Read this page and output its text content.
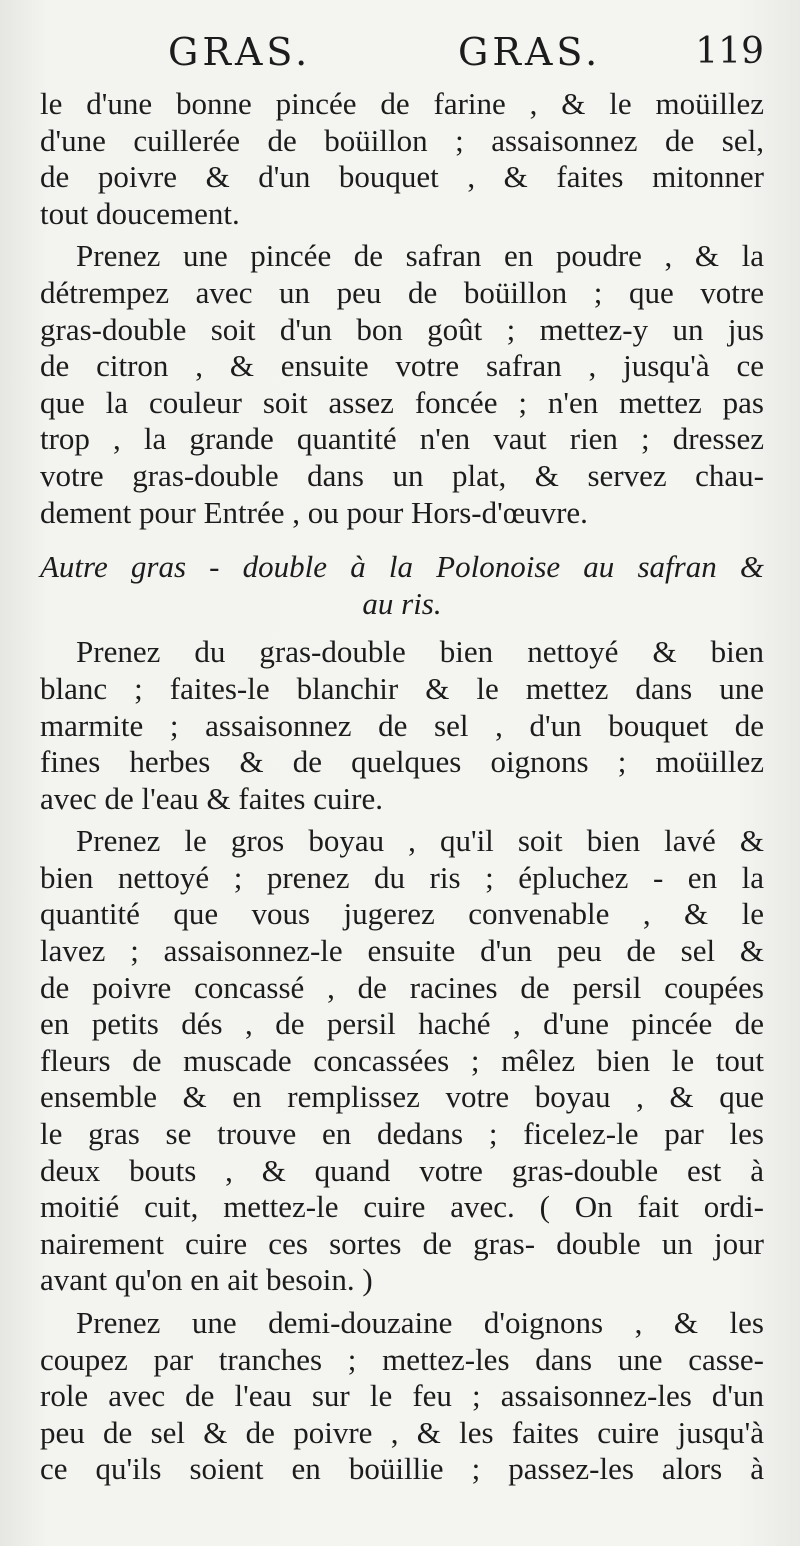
GRAS.	GRAS.	119
le d'une bonne pincée de farine , & le moüillez
d'une cuillerée de boüillon ; assaisonnez de sel,
de poivre & d'un bouquet , & faites mitonner
tout doucement.
Prenez une pincée de safran en poudre , & la
détrempez avec un peu de boüillon ; que votre
gras-double soit d'un bon goût ; mettez-y un jus
de citron , & ensuite votre safran , jusqu'à ce
que la couleur soit assez foncée ; n'en mettez pas
trop , la grande quantité n'en vaut rien ; dressez
votre gras-double dans un plat, & servez chau-
dement pour Entrée , ou pour Hors-d'œuvre.
Autre gras - double à la Polonoise au safran &
au ris.
Prenez du gras-double bien nettoyé & bien
blanc ; faites-le blanchir & le mettez dans une
marmite ; assaisonnez de sel , d'un bouquet de
fines herbes & de quelques oignons ; moüillez
avec de l'eau & faites cuire.
Prenez le gros boyau , qu'il soit bien lavé &
bien nettoyé ; prenez du ris ; épluchez - en la
quantité que vous jugerez convenable , & le
lavez ; assaisonnez-le ensuite d'un peu de sel &
de poivre concassé , de racines de persil coupées
en petits dés , de persil haché , d'une pincée de
fleurs de muscade concassées ; mêlez bien le tout
ensemble & en remplissez votre boyau , & que
le gras se trouve en dedans ; ficelez-le par les
deux bouts , & quand votre gras-double est à
moitié cuit, mettez-le cuire avec. ( On fait ordi-
nairement cuire ces sortes de gras- double un jour
avant qu'on en ait besoin. )
Prenez une demi-douzaine d'oignons , & les
coupez par tranches ; mettez-les dans une casse-
role avec de l'eau sur le feu ; assaisonnez-les d'un
peu de sel & de poivre , & les faites cuire jusqu'à
ce qu'ils soient en boüillie ; passez-les alors à
